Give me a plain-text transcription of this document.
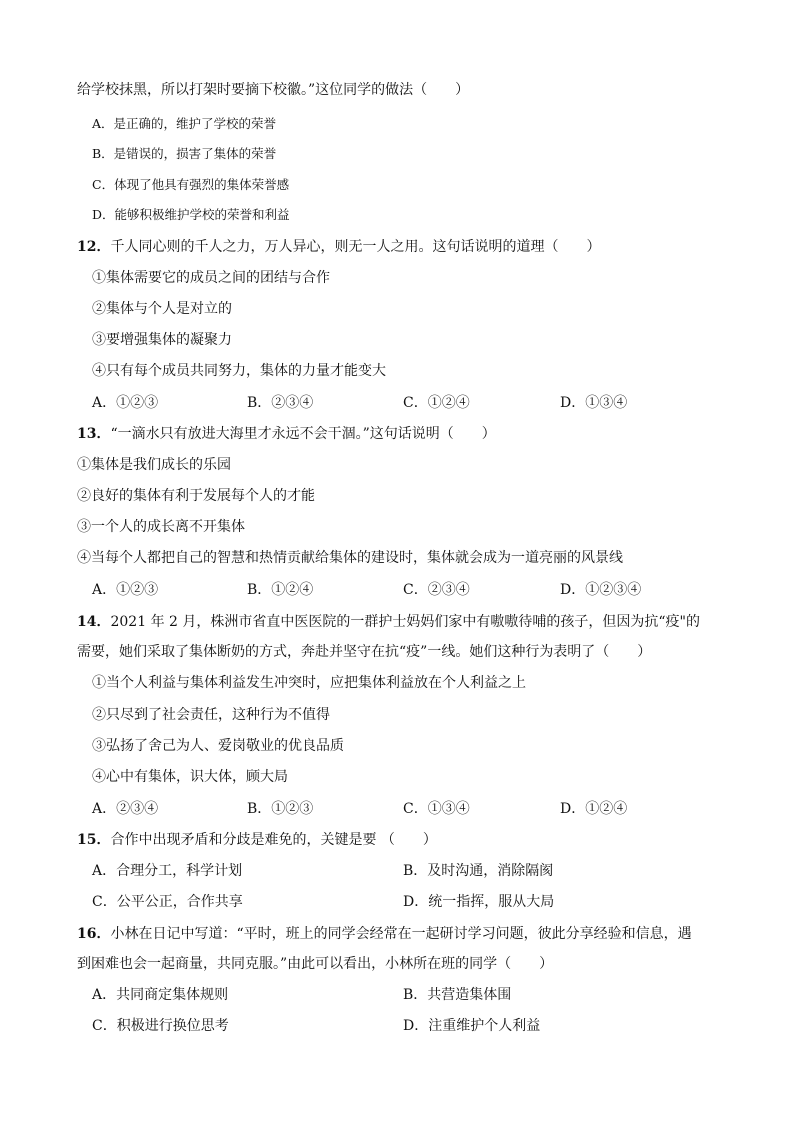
给学校抹黑，所以打架时要摘下校徽。”这位同学的做法（　　）
A．是正确的，维护了学校的荣誉
B．是错误的，损害了集体的荣誉
C．体现了他具有强烈的集体荣誉感
D．能够积极维护学校的荣誉和利益
12．千人同心则的千人之力，万人异心，则无一人之用。这句话说明的道理（　　）
①集体需要它的成员之间的团结与合作
②集体与个人是对立的
③要增强集体的凝聚力
④只有每个成员共同努力，集体的力量才能变大
A．①②③	B．②③④	C．①②④	D．①③④
13．“一滴水只有放进大海里才永远不会干涸。”这句话说明（　　）
①集体是我们成长的乐园
②良好的集体有利于发展每个人的才能
③一个人的成长离不开集体
④当每个人都把自己的智慧和热情贡献给集体的建设时，集体就会成为一道亮丽的风景线
A．①②③	B．①②④	C．②③④	D．①②③④
14．2021 年 2 月，株洲市省直中医医院的一群护士妈妈们家中有嗷嗷待哺的孩子，但因为抗“疫"的
需要，她们采取了集体断奶的方式，奔赴并坚守在抗“疫”一线。她们这种行为表明了（　　）
①当个人利益与集体利益发生冲突时，应把集体利益放在个人利益之上
②只尽到了社会责任，这种行为不值得
③弘扬了舍己为人、爱岗敬业的优良品质
④心中有集体，识大体，顾大局
A．②③④	B．①②③	C．①③④	D．①②④
15．合作中出现矛盾和分歧是难免的，关键是要 （　　）
A．合理分工，科学计划	B．及时沟通，消除隔阂
C．公平公正，合作共享	D．统一指挥，服从大局
16．小林在日记中写道：“平时，班上的同学会经常在一起研讨学习问题，彼此分享经验和信息，遇
到困难也会一起商量，共同克服。”由此可以看出，小林所在班的同学（　　）
A．共同商定集体规则	B．共营造集体围
C．积极进行换位思考	D．注重维护个人利益
